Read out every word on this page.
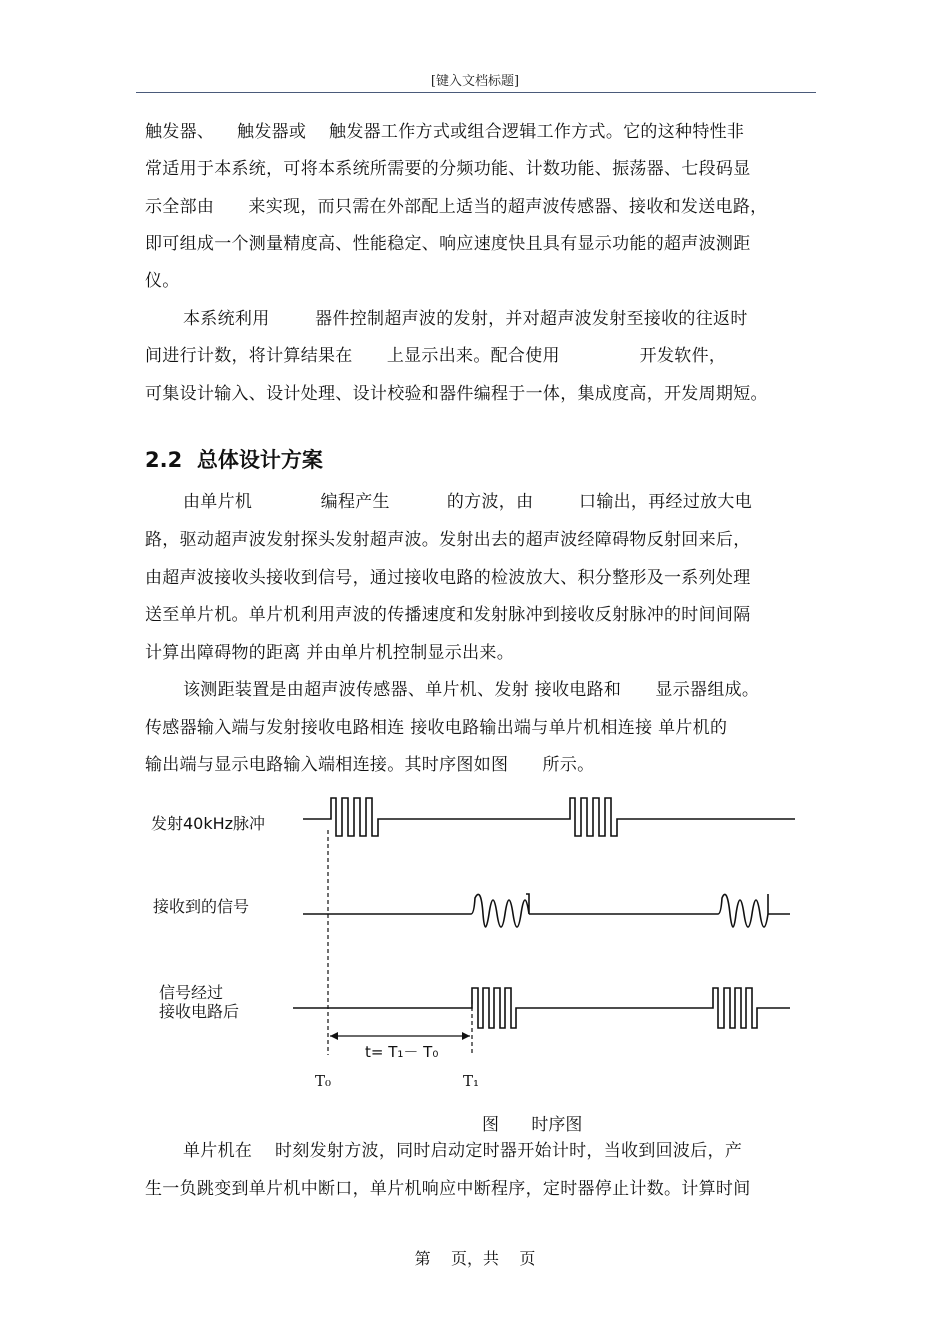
[键入文档标题]
触发器、    触发器或    触发器工作方式或组合逻辑工作方式。它的这种特性非
常适用于本系统，可将本系统所需要的分频功能、计数功能、振荡器、七段码显
示全部由      来实现，而只需在外部配上适当的超声波传感器、接收和发送电路，
即可组成一个测量精度高、性能稳定、响应速度快且具有显示功能的超声波测距
仪。
本系统利用        器件控制超声波的发射，并对超声波发射至接收的往返时
间进行计数，将计算结果在      上显示出来。配合使用              开发软件，
可集设计输入、设计处理、设计校验和器件编程于一体，集成度高，开发周期短。
2.2  总体设计方案
由单片机            编程产生          的方波，由        口输出，再经过放大电
路，驱动超声波发射探头发射超声波。发射出去的超声波经障碍物反射回来后，
由超声波接收头接收到信号，通过接收电路的检波放大、积分整形及一系列处理
送至单片机。单片机利用声波的传播速度和发射脉冲到接收反射脉冲的时间间隔
计算出障碍物的距离 并由单片机控制显示出来。
该测距装置是由超声波传感器、单片机、发射 接收电路和      显示器组成。
传感器输入端与发射接收电路相连 接收电路输出端与单片机相连接 单片机的
输出端与显示电路输入端相连接。其时序图如图      所示。
发射40kHz脉冲
接收到的信号
信号经过
接收电路后
t= T₁－ T₀
T₀	T₁
图      时序图
单片机在    时刻发射方波，同时启动定时器开始计时，当收到回波后，产
生一负跳变到单片机中断口，单片机响应中断程序，定时器停止计数。计算时间
第    页，共    页
